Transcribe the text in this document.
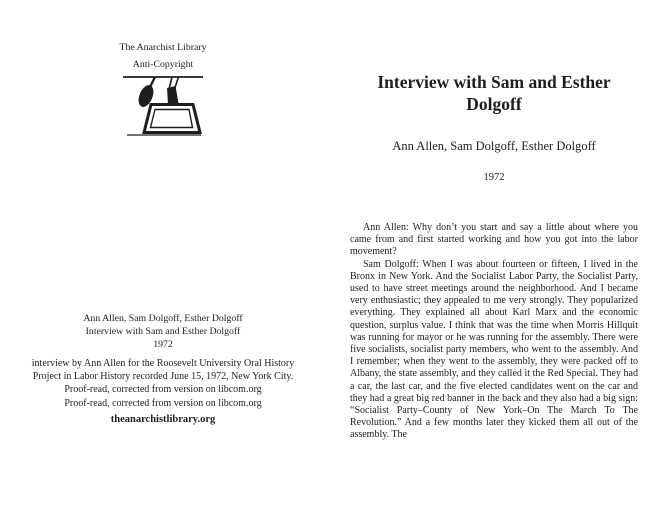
The Anarchist Library
Anti-Copyright
Ann Allen, Sam Dolgoff, Esther Dolgoff
Interview with Sam and Esther Dolgoff
1972
interview by Ann Allen for the Roosevelt University Oral History Project in Labor History recorded June 15, 1972, New York City. Proof-read, corrected from version on libcom.org
Proof-read, corrected from version on libcom.org
theanarchistlibrary.org
Interview with Sam and Esther Dolgoff
Ann Allen, Sam Dolgoff, Esther Dolgoff
1972

Ann Allen: Why don’t you start and say a little about where you came from and first started working and how you got into the labor movement?

Sam Dolgoff: When I was about fourteen or fifteen, I lived in the Bronx in New York. And the Socialist Labor Party, the Socialist Party, used to have street meetings around the neighborhood. And I became very enthusiastic; they appealed to me very strongly. They popularized everything. They explained all about Karl Marx and the economic question, surplus value. I think that was the time when Morris Hillquit was running for mayor or he was running for the assembly. There were five socialists, socialist party members, who went to the assembly. And I remember; when they went to the assembly, they were packed off to Albany, the state assembly, and they called it the Red Special. They had a car, the last car, and the five elected candidates went on the car and they had a great big red banner in the back and they also had a big sign: “Socialist Party–County of New York–On The March To The Revolution.” And a few months later they kicked them all out of the assembly. The
